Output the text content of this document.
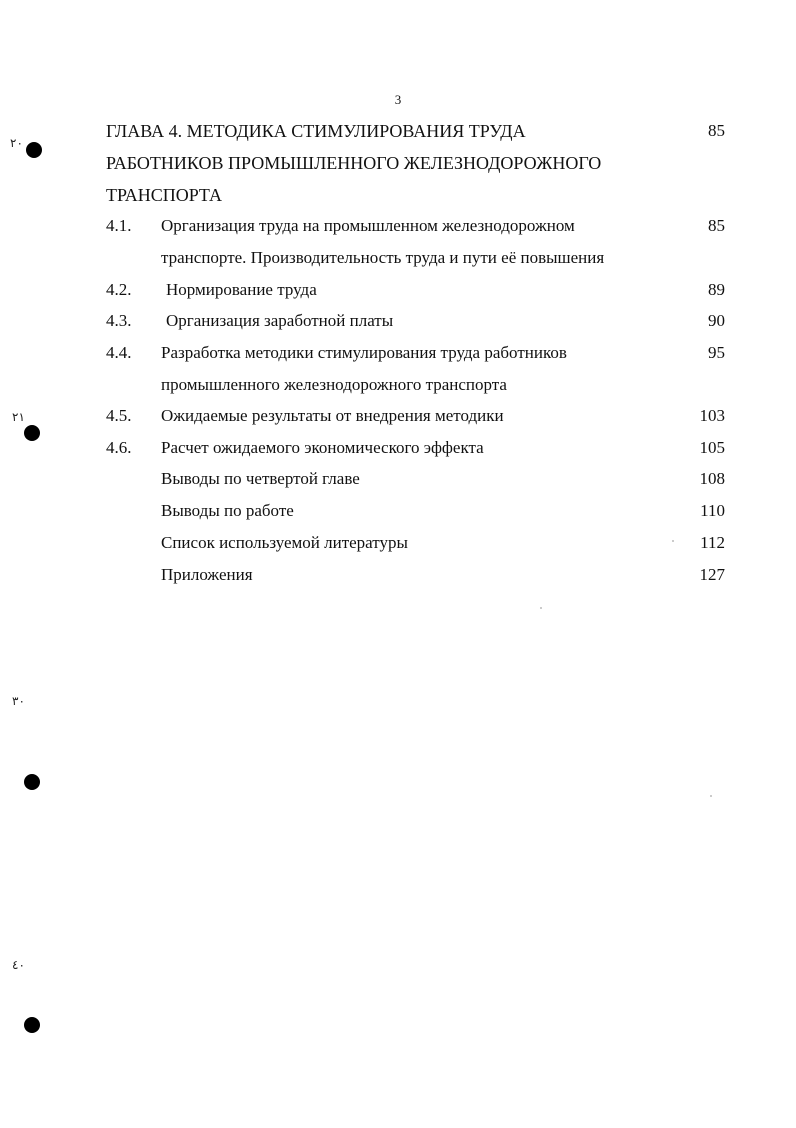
3
ГЛАВА 4. МЕТОДИКА СТИМУЛИРОВАНИЯ ТРУДА	85
РАБОТНИКОВ ПРОМЫШЛЕННОГО ЖЕЛЕЗНОДОРОЖНОГО
ТРАНСПОРТА
4.1. Организация труда на промышленном железнодорожном	85
транспорте. Производительность труда и пути её повышения
4.2. Нормирование труда	89
4.3. Организация заработной платы	90
4.4. Разработка методики стимулирования труда работников	95
промышленного железнодорожного транспорта
4.5. Ожидаемые результаты от внедрения методики	103
4.6. Расчет ожидаемого экономического эффекта	105
Выводы по четвертой главе	108
Выводы по работе	110
Список используемой литературы	112
Приложения	127
٢٠
٢١
٣٠
٤٠
